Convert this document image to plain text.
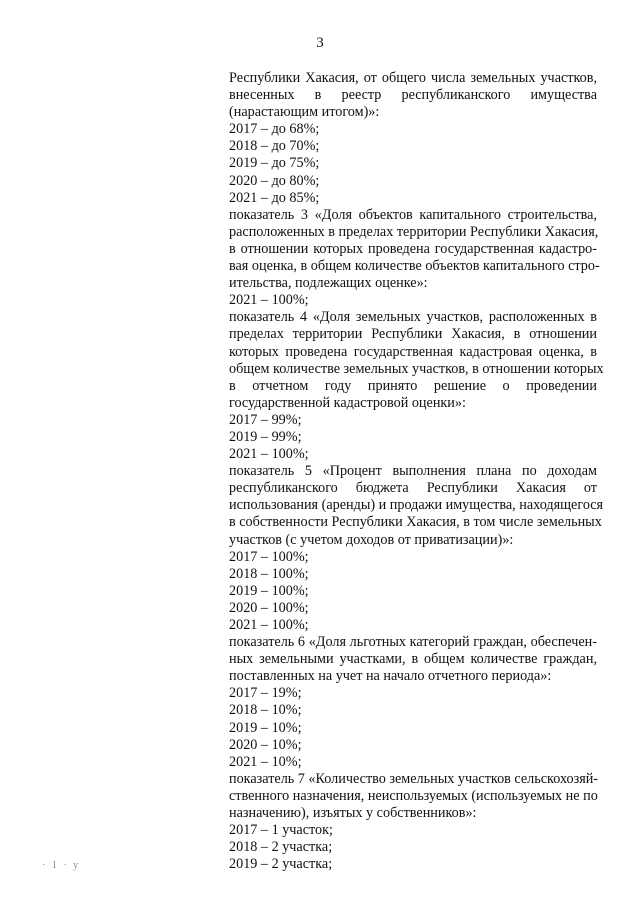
3
Республики Хакасия, от общего числа земельных участков,
внесенных в реестр республиканского имущества
(нарастающим итогом)»:
2017 – до 68%;
2018 – до 70%;
2019 – до 75%;
2020 – до 80%;
2021 – до 85%;
показатель 3 «Доля объектов капитального строительства,
расположенных в пределах территории Республики Хакасия,
в отношении которых проведена государственная кадастро-
вая оценка, в общем количестве объектов капитального стро-
ительства, подлежащих оценке»:
2021 – 100%;
показатель 4 «Доля земельных участков, расположенных в
пределах территории Республики Хакасия, в отношении
которых проведена государственная кадастровая оценка, в
общем количестве земельных участков, в отношении которых
в отчетном году принято решение о проведении
государственной кадастровой оценки»:
2017 – 99%;
2019 – 99%;
2021 – 100%;
показатель 5 «Процент выполнения плана по доходам
республиканского бюджета Республики Хакасия от
использования (аренды) и продажи имущества, находящегося
в собственности Республики Хакасия, в том числе земельных
участков (с учетом доходов от приватизации)»:
2017 – 100%;
2018 – 100%;
2019 – 100%;
2020 – 100%;
2021 – 100%;
показатель 6 «Доля льготных категорий граждан, обеспечен-
ных земельными участками, в общем количестве граждан,
поставленных на учет на начало отчетного периода»:
2017 – 19%;
2018 – 10%;
2019 – 10%;
2020 – 10%;
2021 – 10%;
показатель 7 «Количество земельных участков сельскохозяй-
ственного назначения, неиспользуемых (используемых не по
назначению), изъятых у собственников»:
2017 – 1 участок;
2018 – 2 участка;
2019 – 2 участка;
· 1 · у
